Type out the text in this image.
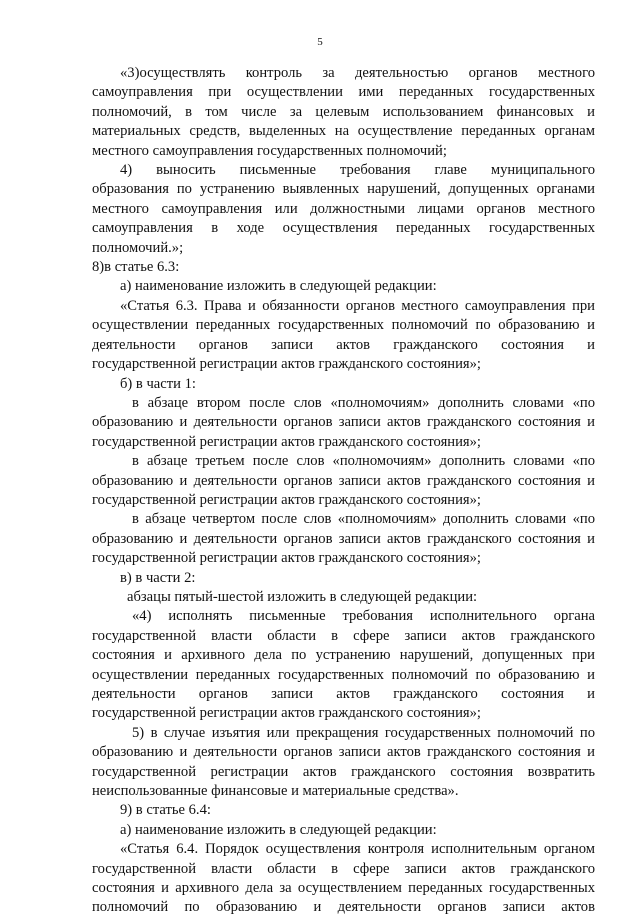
5
«3)осуществлять контроль за деятельностью органов местного
самоуправления при осуществлении ими переданных государственных
полномочий, в том числе за целевым использованием финансовых и
материальных средств, выделенных на осуществление переданных органам
местного самоуправления государственных полномочий;
4) выносить письменные требования главе муниципального
образования по устранению выявленных нарушений, допущенных органами
местного самоуправления или должностными лицами органов местного
самоуправления в ходе осуществления переданных государственных
полномочий.»;
8)в статье 6.3:
а) наименование изложить в следующей редакции:
«Статья 6.3. Права и обязанности органов местного самоуправления при
осуществлении переданных государственных полномочий по образованию и
деятельности органов записи актов гражданского состояния и
государственной регистрации актов гражданского состояния»;
б) в части 1:
в абзаце втором после слов «полномочиям» дополнить словами «по
образованию и деятельности органов записи актов гражданского состояния и
государственной регистрации актов гражданского состояния»;
в абзаце третьем после слов «полномочиям» дополнить словами «по
образованию и деятельности органов записи актов гражданского состояния и
государственной регистрации актов гражданского состояния»;
в абзаце четвертом после слов «полномочиям» дополнить словами «по
образованию и деятельности органов записи актов гражданского состояния и
государственной регистрации актов гражданского состояния»;
в) в части 2:
абзацы пятый-шестой изложить в следующей редакции:
«4) исполнять письменные требования исполнительного органа
государственной власти области в сфере записи актов гражданского
состояния и архивного дела по устранению нарушений, допущенных при
осуществлении переданных государственных полномочий по образованию и
деятельности органов записи актов гражданского состояния и
государственной регистрации актов гражданского состояния»;
5) в случае изъятия или прекращения государственных полномочий по
образованию и деятельности органов записи актов гражданского состояния и
государственной регистрации актов гражданского состояния возвратить
неиспользованные финансовые и материальные средства».
9) в статье 6.4:
а) наименование изложить в следующей редакции:
«Статья 6.4. Порядок осуществления контроля исполнительным органом
государственной власти области в сфере записи актов гражданского
состояния и архивного дела за осуществлением переданных государственных
полномочий по образованию и деятельности органов записи актов
